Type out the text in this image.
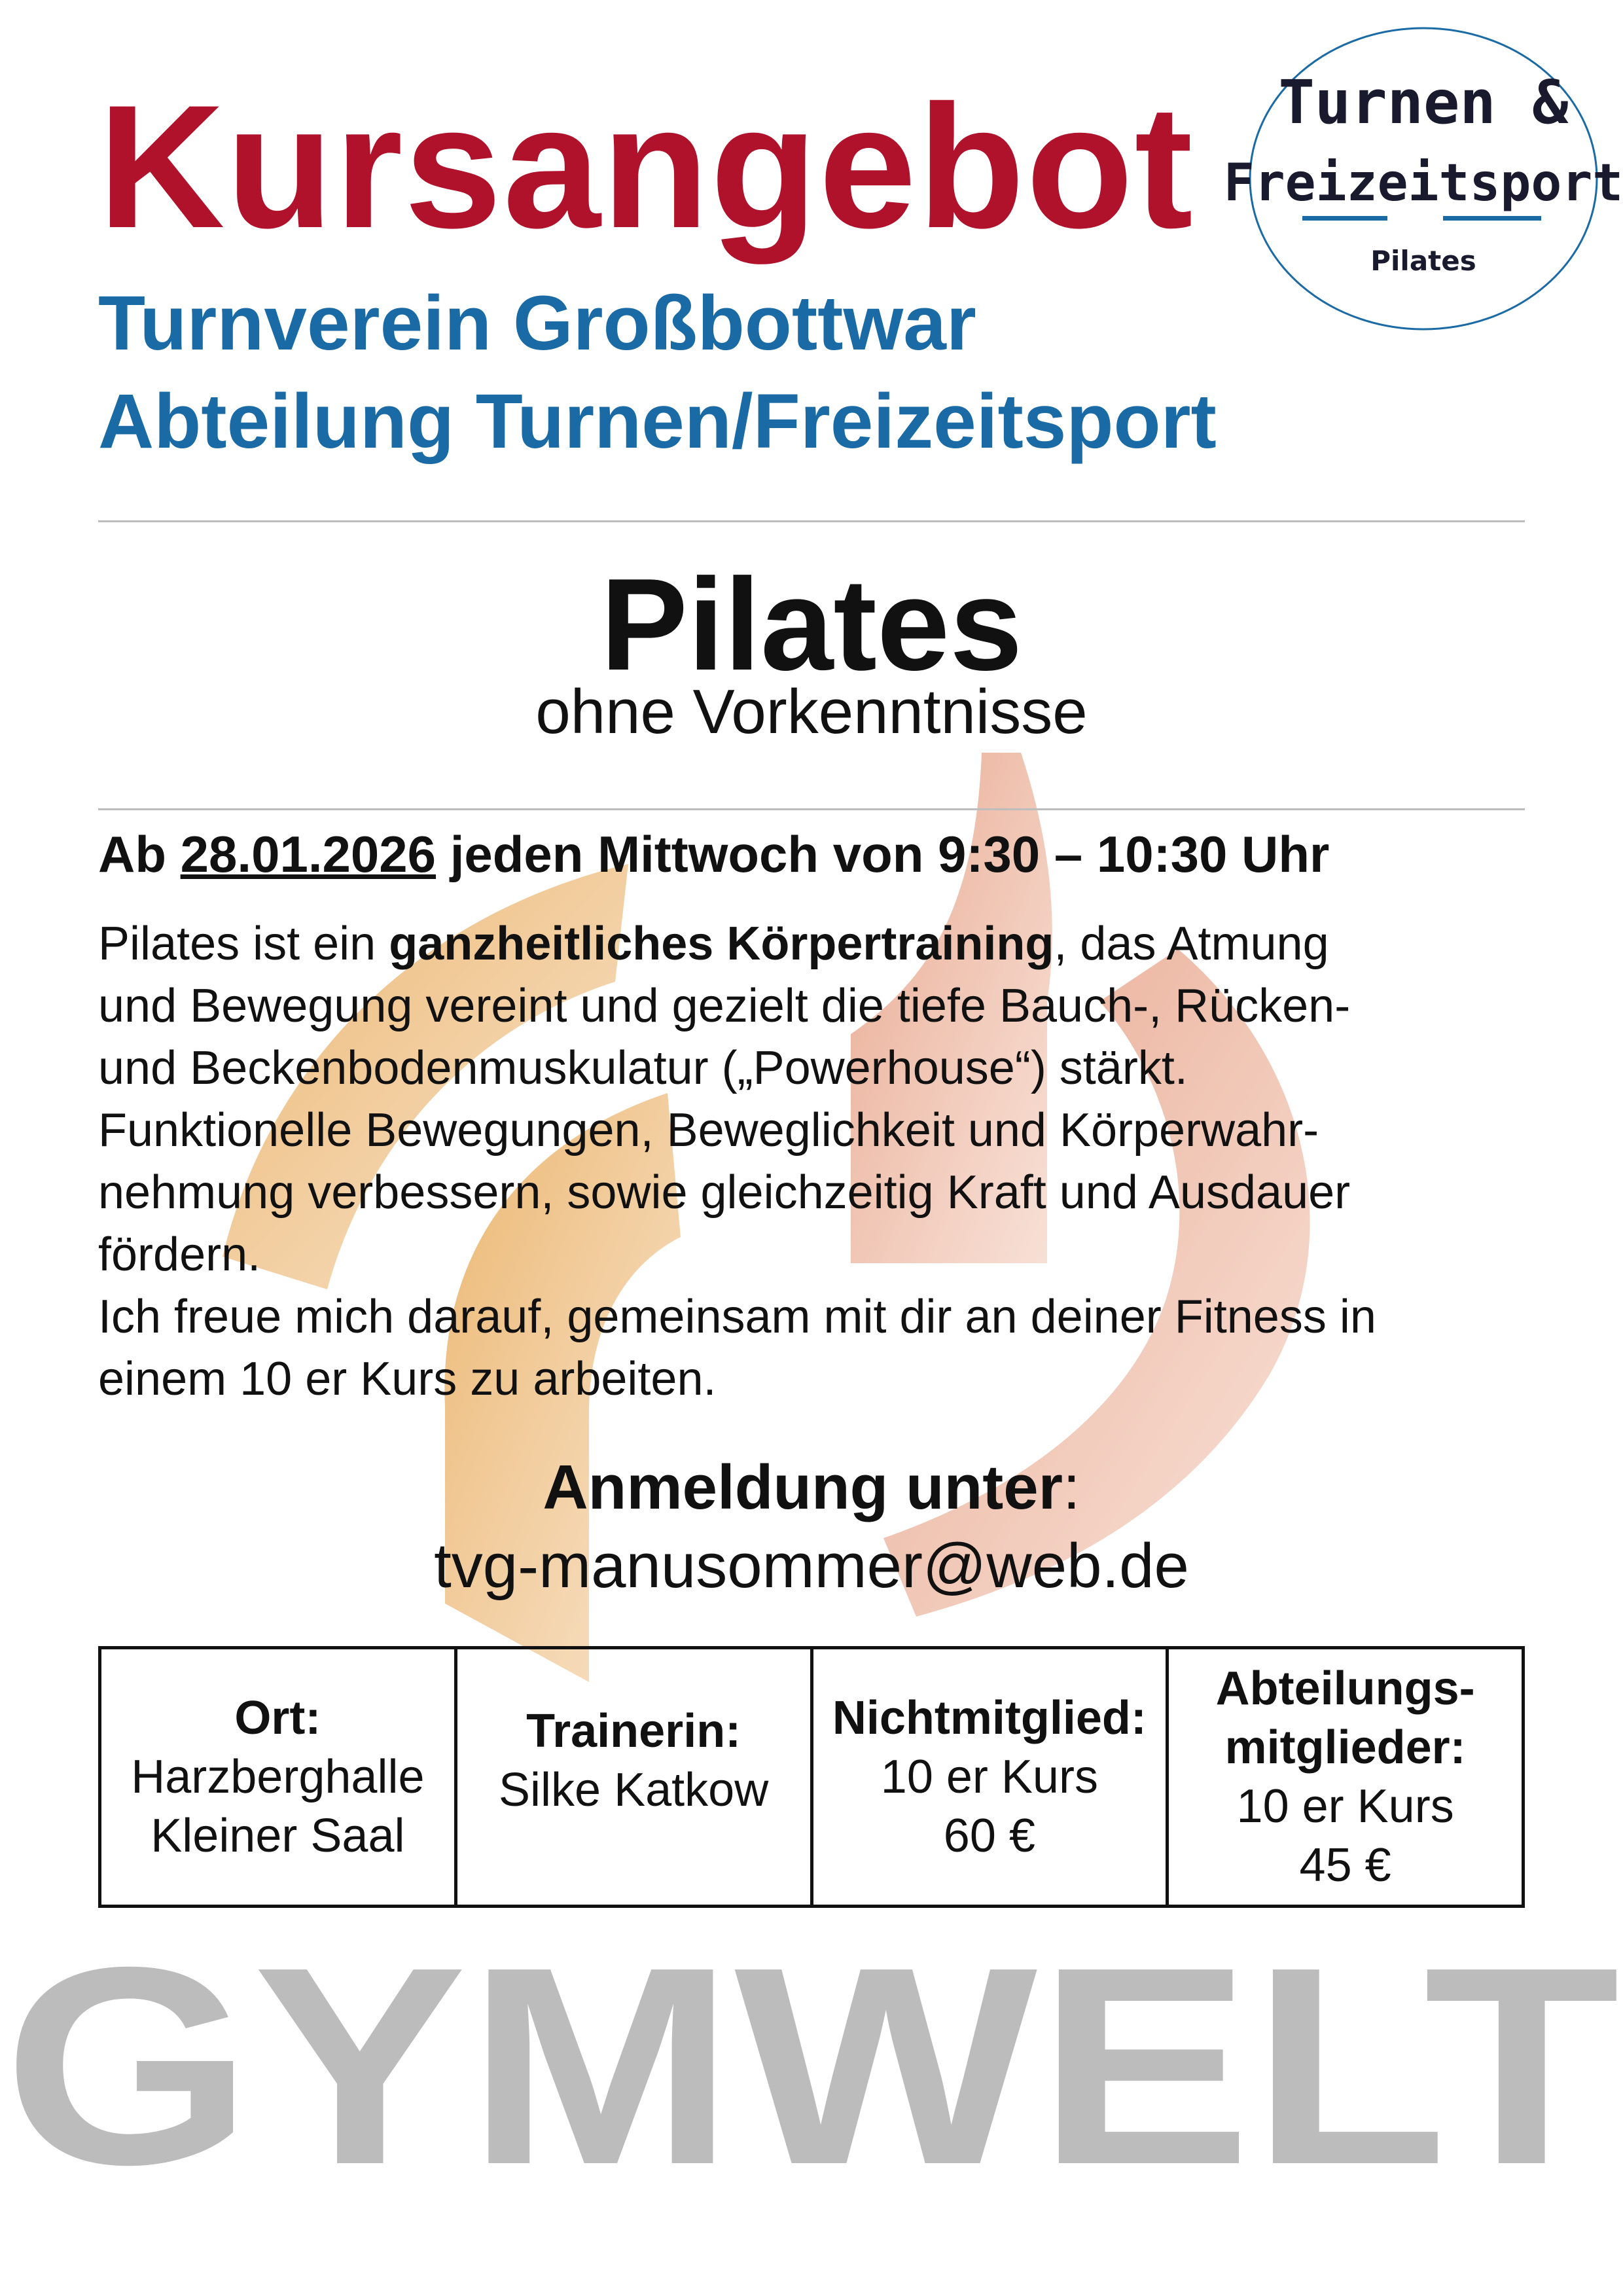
Kursangebot
Turnverein Großbottwar
Abteilung Turnen/Freizeitsport
Turnen &
Freizeitsport
Pilates

Pilates

ohne Vorkenntnisse

Ab 28.01.2026 jeden Mittwoch von 9:30 – 10:30 Uhr

Pilates ist ein ganzheitliches Körpertraining, das Atmung
und Bewegung vereint und gezielt die tiefe Bauch-, Rücken-
und Beckenbodenmuskulatur („Powerhouse“) stärkt.
Funktionelle Bewegungen, Beweglichkeit und Körperwahr-
nehmung verbessern, sowie gleichzeitig Kraft und Ausdauer
fördern.
Ich freue mich darauf, gemeinsam mit dir an deiner Fitness in
einem 10 er Kurs zu arbeiten.

Anmeldung unter:

tvg-manusommer@web.de

Ort:
Harzberghalle
Kleiner Saal
Trainerin:
Silke Katkow
Nichtmitglied:
10 er Kurs
60 €
Abteilungs-
mitglieder:
10 er Kurs
45 €
GYMWELT
